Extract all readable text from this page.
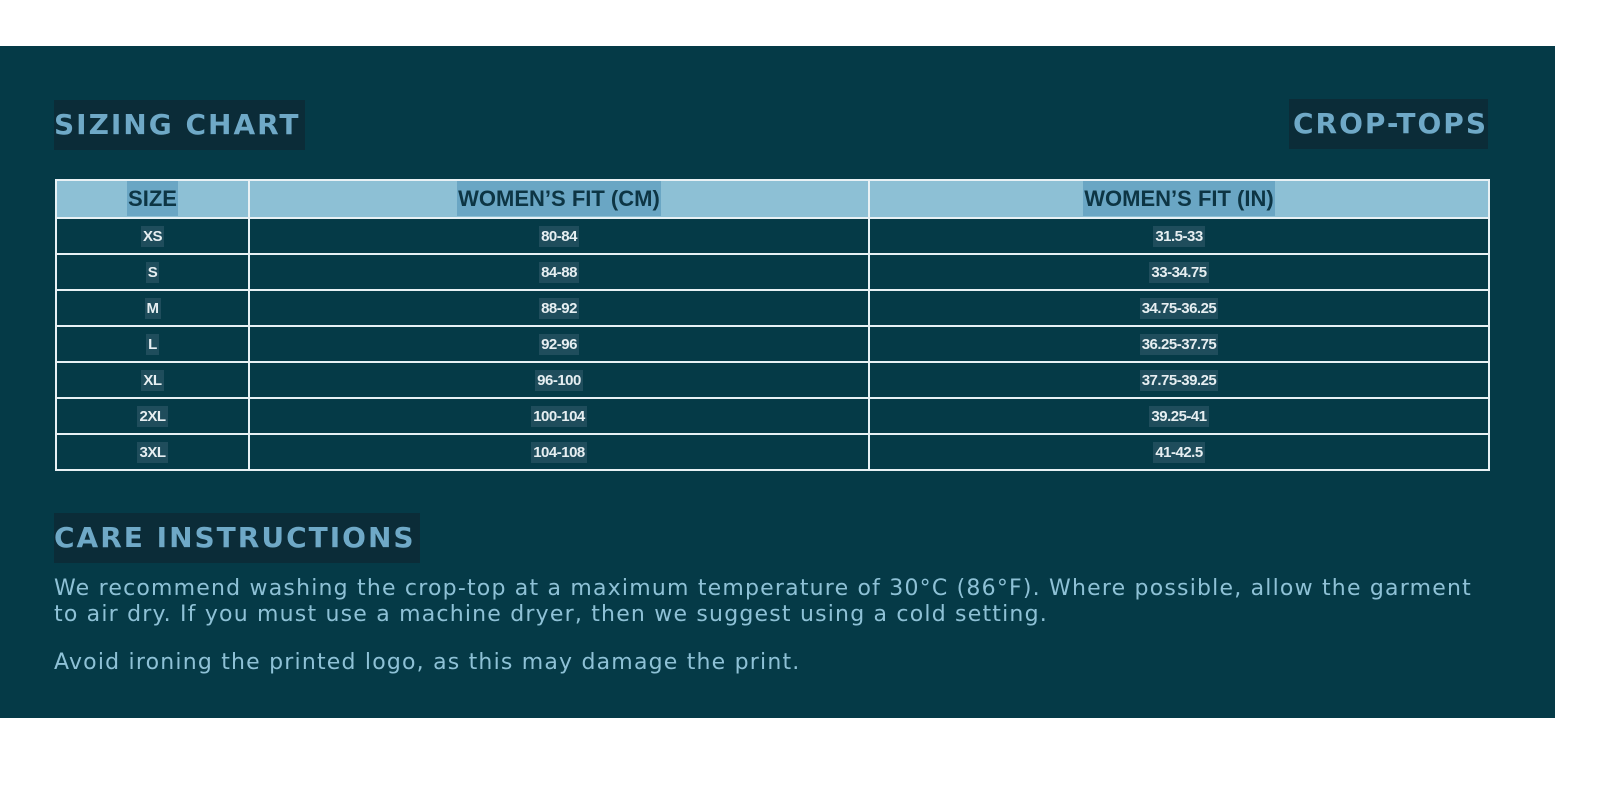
SIZING CHART	CROP-TOPS
SIZE	WOMEN’S FIT (CM)	WOMEN’S FIT (IN)
XS	80-84	31.5-33
S	84-88	33-34.75
M	88-92	34.75-36.25
L	92-96	36.25-37.75
XL	96-100	37.75-39.25
2XL	100-104	39.25-41
3XL	104-108	41-42.5
CARE INSTRUCTIONS

We recommend washing the crop-top at a maximum temperature of 30°C (86°F). Where possible, allow the garment to air dry. If you must use a machine dryer, then we suggest using a cold setting.

Avoid ironing the printed logo, as this may damage the print.
